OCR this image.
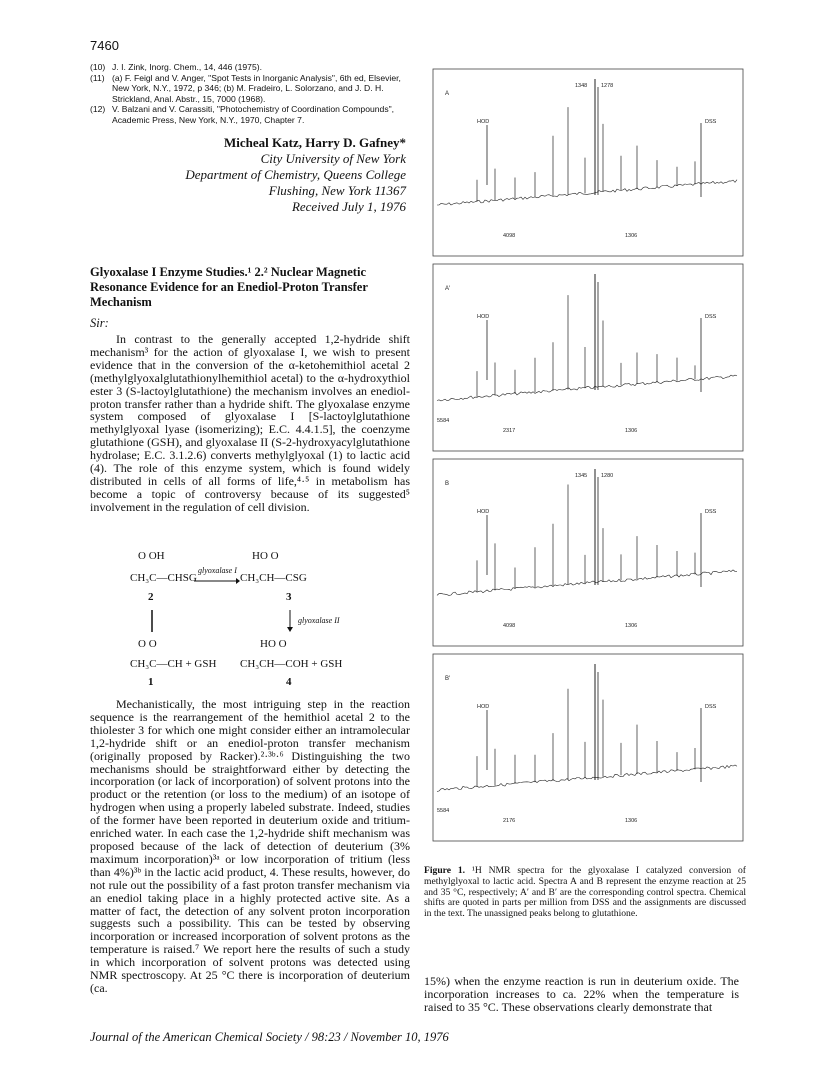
7460
(10) J. I. Zink, Inorg. Chem., 14, 446 (1975).
(11) (a) F. Feigl and V. Anger, "Spot Tests in Inorganic Analysis", 6th ed, Elsevier, New York, N.Y., 1972, p 346; (b) M. Fradeiro, L. Solorzano, and J. D. H. Strickland, Anal. Abstr., 15, 7000 (1968).
(12) V. Balzani and V. Carassiti, "Photochemistry of Coordination Compounds", Academic Press, New York, N.Y., 1970, Chapter 7.
Micheal Katz, Harry D. Gafney*
City University of New York
Department of Chemistry, Queens College
Flushing, New York 11367
Received July 1, 1976
Glyoxalase I Enzyme Studies.¹ 2.² Nuclear Magnetic Resonance Evidence for an Enediol-Proton Transfer Mechanism
Sir:
In contrast to the generally accepted 1,2-hydride shift mechanism³ for the action of glyoxalase I, we wish to present evidence that in the conversion of the α-ketohemithiol acetal 2 (methylglyoxalglutathionylhemithiol acetal) to the α-hydroxythiol ester 3 (S-lactoylglutathione) the mechanism involves an enediol-proton transfer rather than a hydride shift. The glyoxalase enzyme system composed of glyoxalase I [S-lactoylglutathione methylglyoxal lyase (isomerizing); E.C. 4.4.1.5], the coenzyme glutathione (GSH), and glyoxalase II (S-2-hydroxyacylglutathione hydrolase; E.C. 3.1.2.6) converts methylglyoxal (1) to lactic acid (4). The role of this enzyme system, which is found widely distributed in cells of all forms of life,⁴·⁵ in metabolism has become a topic of controversy because of its suggested⁵ involvement in the regulation of cell division.
O OH
CH₃C—CHSG
HO O
CH₃CH—CSG
glyoxalase I
2	3
glyoxalase II
O O
CH₃C—CH + GSH
HO O
CH₃CH—COH + GSH
1	4
Mechanistically, the most intriguing step in the reaction sequence is the rearrangement of the hemithiol acetal 2 to the thiolester 3 for which one might consider either an intramolecular 1,2-hydride shift or an enediol-proton transfer mechanism (originally proposed by Racker).²·³ᵇ·⁶ Distinguishing the two mechanisms should be straightforward either by detecting the incorporation (or lack of incorporation) of solvent protons into the product or the retention (or loss to the medium) of an isotope of hydrogen when using a properly labeled substrate. Indeed, studies of the former have been reported in deuterium oxide and tritium-enriched water. In each case the 1,2-hydride shift mechanism was proposed because of the lack of detection of deuterium (3% maximum incorporation)³ᵃ or low incorporation of tritium (less than 4%)³ᵇ in the lactic acid product, 4. These results, however, do not rule out the possibility of a fast proton transfer mechanism via an enediol taking place in a highly protected active site. As a matter of fact, the detection of any solvent proton incorporation suggests such a possibility. This can be tested by observing incorporation or increased incorporation of solvent protons as the temperature is raised.⁷ We report here the results of such a study in which incorporation of solvent protons was detected using NMR spectroscopy. At 25 °C there is incorporation of deuterium (ca.	15%) when the enzyme reaction is run in deuterium oxide. The incorporation increases to ca. 22% when the temperature is raised to 35 °C. These observations clearly demonstrate that
A
HOD	DSS
1348	1278
4098	1306
A′
HOD	DSS
5584
2317	1306
B
HOD	DSS
1345	1280
4098	1306
B′
HOD	DSS
5584
2176	1306
Figure 1. ¹H NMR spectra for the glyoxalase I catalyzed conversion of methylglyoxal to lactic acid. Spectra A and B represent the enzyme reaction at 25 and 35 °C, respectively; A′ and B′ are the corresponding control spectra. Chemical shifts are quoted in parts per million from DSS and the assignments are discussed in the text. The unassigned peaks belong to glutathione.
Journal of the American Chemical Society / 98:23 / November 10, 1976
